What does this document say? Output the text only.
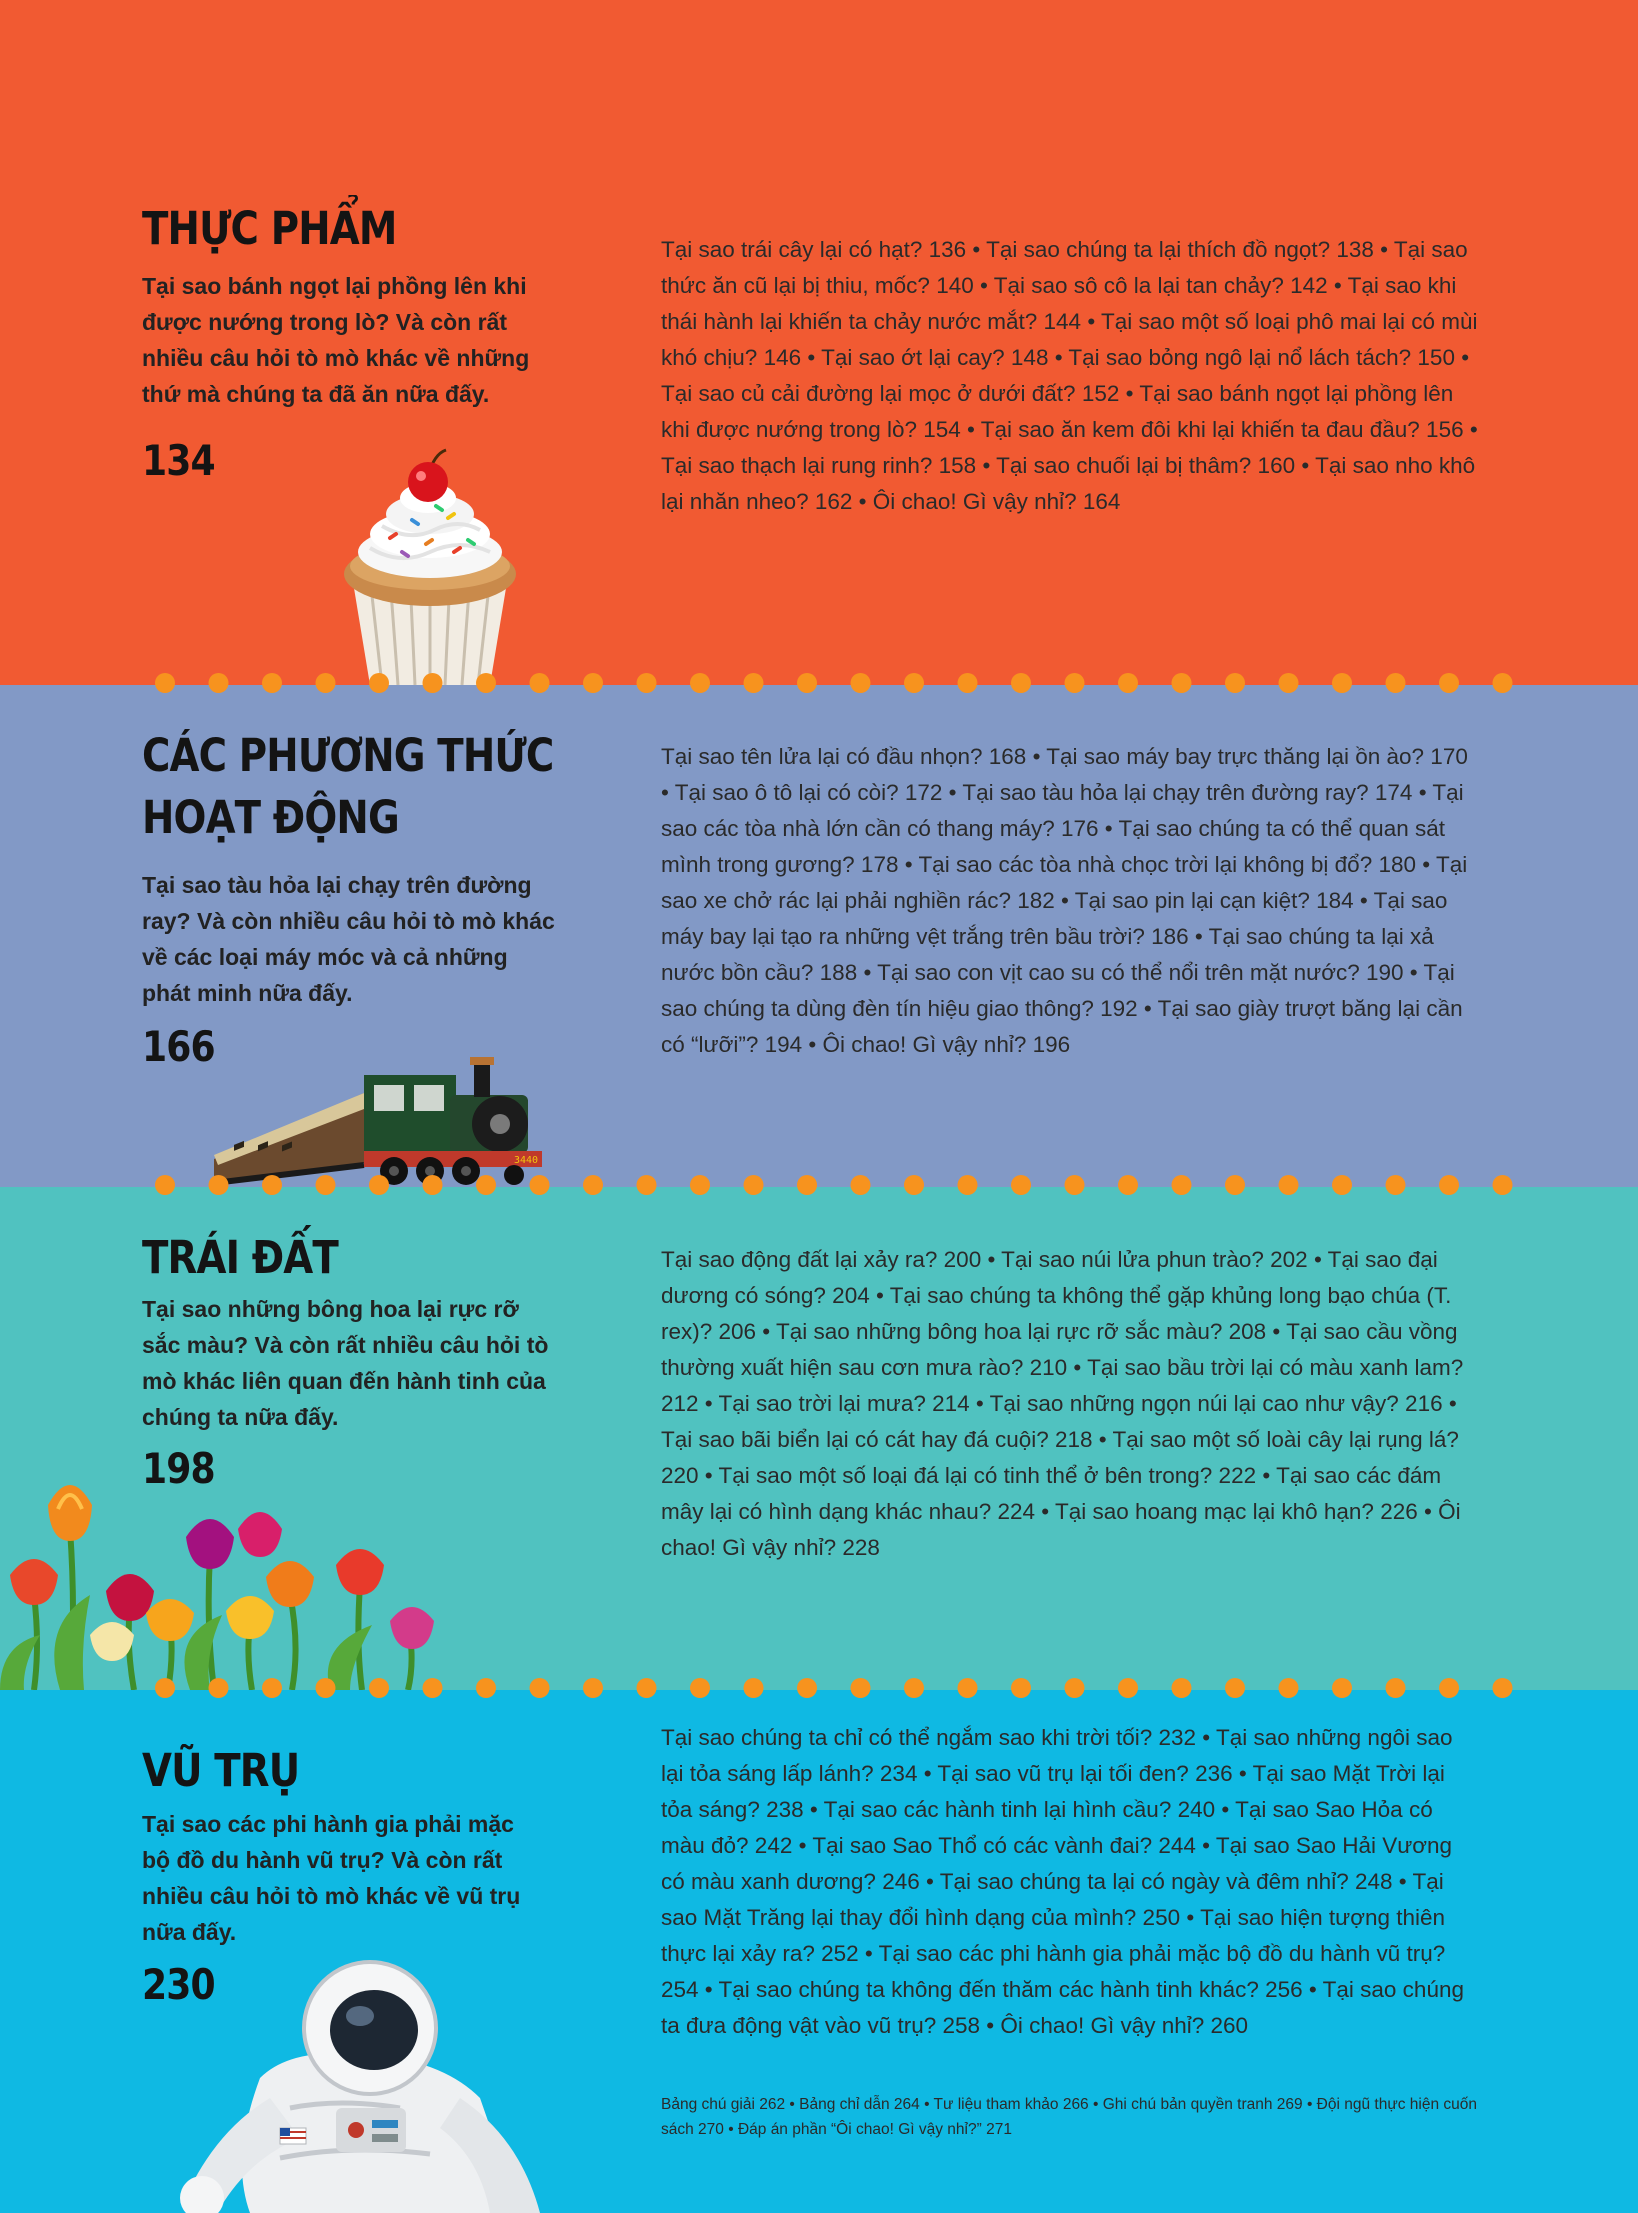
THỰC PHẨM

Tại sao bánh ngọt lại phồng lên khi được nướng trong lò? Và còn rất nhiều câu hỏi tò mò khác về những thứ mà chúng ta đã ăn nữa đấy.

134

Tại sao trái cây lại có hạt? 136 • Tại sao chúng ta lại thích đồ ngọt? 138 • Tại sao thức ăn cũ lại bị thiu, mốc? 140 • Tại sao sô cô la lại tan chảy? 142 • Tại sao khi thái hành lại khiến ta chảy nước mắt? 144 • Tại sao một số loại phô mai lại có mùi khó chịu? 146 • Tại sao ớt lại cay? 148 • Tại sao bỏng ngô lại nổ lách tách? 150 • Tại sao củ cải đường lại mọc ở dưới đất? 152 • Tại sao bánh ngọt lại phồng lên khi được nướng trong lò? 154 • Tại sao ăn kem đôi khi lại khiến ta đau đầu? 156 • Tại sao thạch lại rung rinh? 158 • Tại sao chuối lại bị thâm? 160 • Tại sao nho khô lại nhăn nheo? 162 • Ôi chao! Gì vậy nhỉ? 164

CÁC PHƯƠNG THỨC
HOẠT ĐỘNG

Tại sao tàu hỏa lại chạy trên đường ray? Và còn nhiều câu hỏi tò mò khác về các loại máy móc và cả những phát minh nữa đấy.

166

Tại sao tên lửa lại có đầu nhọn? 168 • Tại sao máy bay trực thăng lại ồn ào? 170 • Tại sao ô tô lại có còi? 172 • Tại sao tàu hỏa lại chạy trên đường ray? 174 • Tại sao các tòa nhà lớn cần có thang máy? 176 • Tại sao chúng ta có thể quan sát mình trong gương? 178 • Tại sao các tòa nhà chọc trời lại không bị đổ? 180 • Tại sao xe chở rác lại phải nghiền rác? 182 • Tại sao pin lại cạn kiệt? 184 • Tại sao máy bay lại tạo ra những vệt trắng trên bầu trời? 186 • Tại sao chúng ta lại xả nước bồn cầu? 188 • Tại sao con vịt cao su có thể nổi trên mặt nước? 190 • Tại sao chúng ta dùng đèn tín hiệu giao thông? 192 • Tại sao giày trượt băng lại cần có “lưỡi”? 194 • Ôi chao! Gì vậy nhỉ? 196

3440
TRÁI ĐẤT

Tại sao những bông hoa lại rực rỡ sắc màu? Và còn rất nhiều câu hỏi tò mò khác liên quan đến hành tinh của chúng ta nữa đấy.

198

Tại sao động đất lại xảy ra? 200 • Tại sao núi lửa phun trào? 202 • Tại sao đại dương có sóng? 204 • Tại sao chúng ta không thể gặp khủng long bạo chúa (T. rex)? 206 • Tại sao những bông hoa lại rực rỡ sắc màu? 208 • Tại sao cầu vồng thường xuất hiện sau cơn mưa rào? 210 • Tại sao bầu trời lại có màu xanh lam? 212 • Tại sao trời lại mưa? 214 • Tại sao những ngọn núi lại cao như vậy? 216 • Tại sao bãi biển lại có cát hay đá cuội? 218 • Tại sao một số loài cây lại rụng lá? 220 • Tại sao một số loại đá lại có tinh thể ở bên trong? 222 • Tại sao các đám mây lại có hình dạng khác nhau? 224 • Tại sao hoang mạc lại khô hạn? 226 • Ôi chao! Gì vậy nhỉ? 228

VŨ TRỤ

Tại sao các phi hành gia phải mặc bộ đồ du hành vũ trụ? Và còn rất nhiều câu hỏi tò mò khác về vũ trụ nữa đấy.

230

Tại sao chúng ta chỉ có thể ngắm sao khi trời tối? 232 • Tại sao những ngôi sao lại tỏa sáng lấp lánh? 234 • Tại sao vũ trụ lại tối đen? 236 • Tại sao Mặt Trời lại tỏa sáng? 238 • Tại sao các hành tinh lại hình cầu? 240 • Tại sao Sao Hỏa có màu đỏ? 242 • Tại sao Sao Thổ có các vành đai? 244 • Tại sao Sao Hải Vương có màu xanh dương? 246 • Tại sao chúng ta lại có ngày và đêm nhỉ? 248 • Tại sao Mặt Trăng lại thay đổi hình dạng của mình? 250 • Tại sao hiện tượng thiên thực lại xảy ra? 252 • Tại sao các phi hành gia phải mặc bộ đồ du hành vũ trụ? 254 • Tại sao chúng ta không đến thăm các hành tinh khác? 256 • Tại sao chúng ta đưa động vật vào vũ trụ? 258 • Ôi chao! Gì vậy nhỉ? 260

Bảng chú giải 262 • Bảng chỉ dẫn 264 • Tư liệu tham khảo 266 • Ghi chú bản quyền tranh 269 • Đội ngũ thực hiện cuốn sách 270 • Đáp án phần “Ôi chao! Gì vậy nhỉ?” 271
